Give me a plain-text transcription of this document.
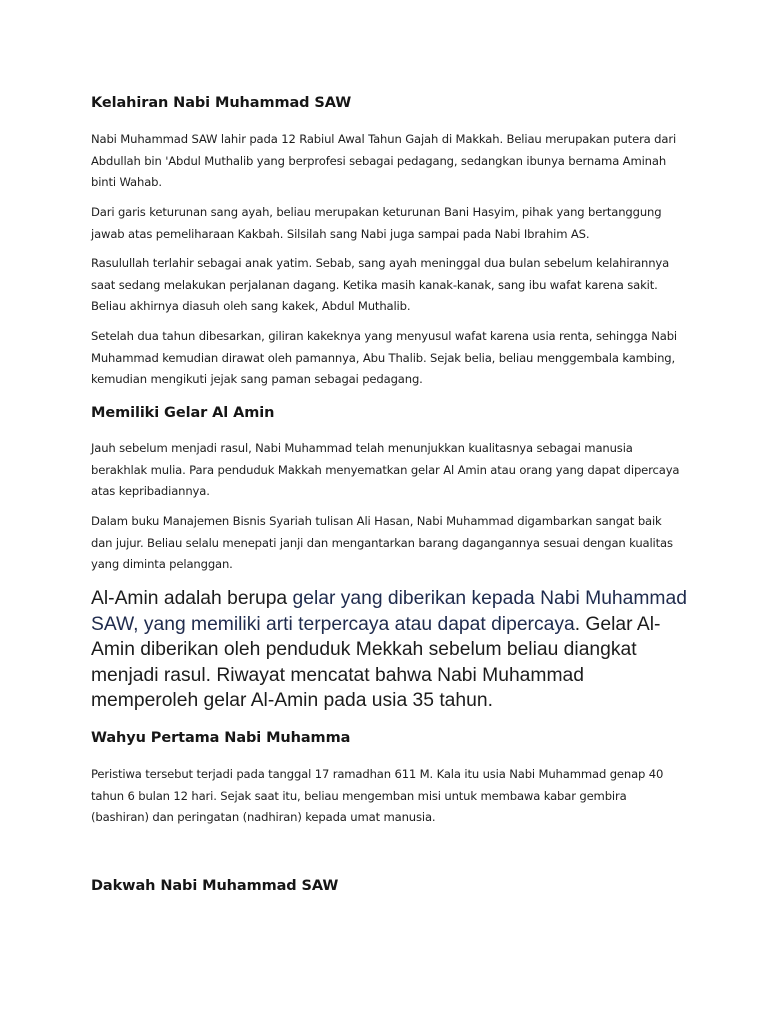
Kelahiran Nabi Muhammad SAW

Nabi Muhammad SAW lahir pada 12 Rabiul Awal Tahun Gajah di Makkah. Beliau merupakan putera dari Abdullah bin 'Abdul Muthalib yang berprofesi sebagai pedagang, sedangkan ibunya bernama Aminah binti Wahab.

Dari garis keturunan sang ayah, beliau merupakan keturunan Bani Hasyim, pihak yang bertanggung jawab atas pemeliharaan Kakbah. Silsilah sang Nabi juga sampai pada Nabi Ibrahim AS.

Rasulullah terlahir sebagai anak yatim. Sebab, sang ayah meninggal dua bulan sebelum kelahirannya saat sedang melakukan perjalanan dagang. Ketika masih kanak-kanak, sang ibu wafat karena sakit. Beliau akhirnya diasuh oleh sang kakek, Abdul Muthalib.

Setelah dua tahun dibesarkan, giliran kakeknya yang menyusul wafat karena usia renta, sehingga Nabi Muhammad kemudian dirawat oleh pamannya, Abu Thalib. Sejak belia, beliau menggembala kambing, kemudian mengikuti jejak sang paman sebagai pedagang.

Memiliki Gelar Al Amin

Jauh sebelum menjadi rasul, Nabi Muhammad telah menunjukkan kualitasnya sebagai manusia berakhlak mulia. Para penduduk Makkah menyematkan gelar Al Amin atau orang yang dapat dipercaya atas kepribadiannya.

Dalam buku Manajemen Bisnis Syariah tulisan Ali Hasan, Nabi Muhammad digambarkan sangat baik dan jujur. Beliau selalu menepati janji dan mengantarkan barang dagangannya sesuai dengan kualitas yang diminta pelanggan.

Al-Amin adalah berupa gelar yang diberikan kepada Nabi Muhammad SAW, yang memiliki arti terpercaya atau dapat dipercaya. Gelar Al-Amin diberikan oleh penduduk Mekkah sebelum beliau diangkat menjadi rasul. Riwayat mencatat bahwa Nabi Muhammad memperoleh gelar Al-Amin pada usia 35 tahun.

Wahyu Pertama Nabi Muhamma

Peristiwa tersebut terjadi pada tanggal 17 ramadhan 611 M. Kala itu usia Nabi Muhammad genap 40 tahun 6 bulan 12 hari. Sejak saat itu, beliau mengemban misi untuk membawa kabar gembira (bashiran) dan peringatan (nadhiran) kepada umat manusia.

Dakwah Nabi Muhammad SAW
